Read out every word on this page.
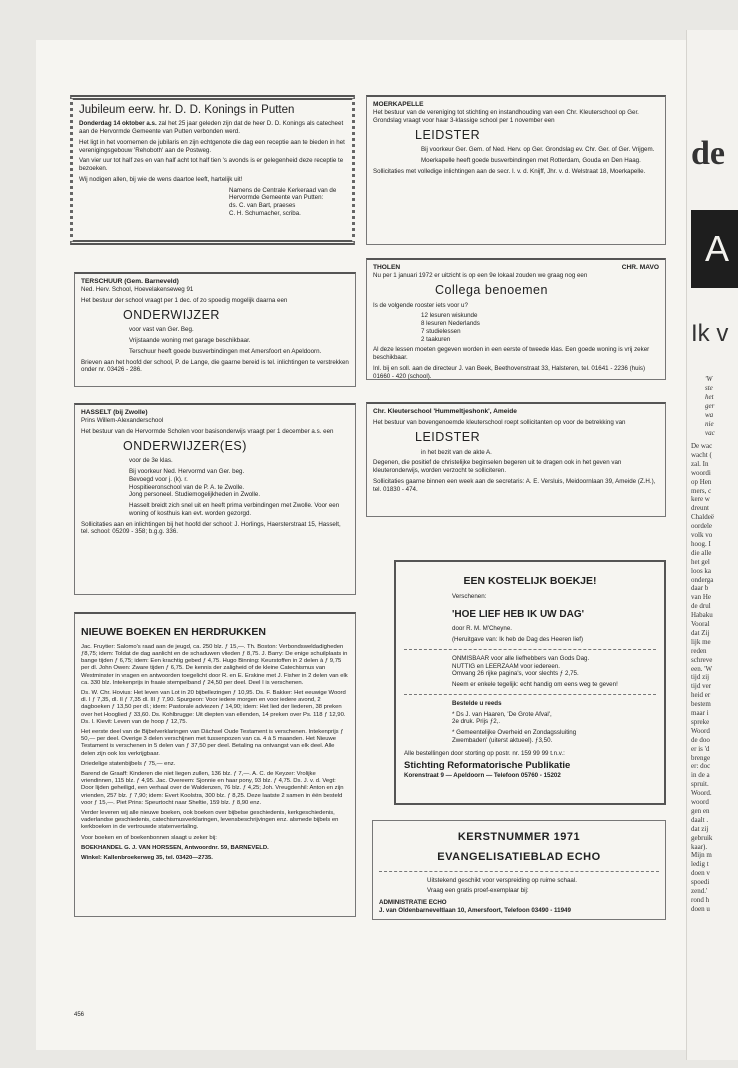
Jubileum eerw. hr. D. D. Konings in Putten

Donderdag 14 oktober a.s. zal het 25 jaar geleden zijn dat de heer D. D. Konings als catecheet aan de Hervormde Gemeente van Putten verbonden werd.

Het ligt in het voornemen de jubilaris en zijn echtgenote die dag een receptie aan te bieden in het verenigingsgebouw 'Rehoboth' aan de Postweg.

Van vier uur tot half zes en van half acht tot half tien 's avonds is er gelegenheid deze receptie te bezoeken.

Wij nodigen allen, bij wie de wens daartoe leeft, hartelijk uit!

Namens de Centrale Kerkeraad van de
Hervormde Gemeente van Putten:
ds. C. van Bart, praeses
C. H. Schumacher, scriba.
TERSCHUUR (Gem. Barneveld)

Ned. Herv. School, Hoevelakenseweg 91

Het bestuur der school vraagt per 1 dec. of zo spoedig mogelijk daarna een

ONDERWIJZER

voor vast van Ger. Beg.

Vrijstaande woning met garage beschikbaar.

Terschuur heeft goede busverbindingen met Amersfoort en Apeldoorn.

Brieven aan het hoofd der school, P. de Lange, die gaarne bereid is tel. inlichtingen te verstrekken onder nr. 03426 - 286.

HASSELT (bij Zwolle)

Prins Willem-Alexanderschool

Het bestuur van de Hervormde Scholen voor basisonderwijs vraagt per 1 december a.s. een

ONDERWIJZER(ES)

voor de 3e klas.

Bij voorkeur Ned. Hervormd van Ger. beg.
Bevoegd voor j. (k). r.
Hospitieeronschool van de P. A. te Zwolle.

Jong personeel. Studiemogelijkheden in Zwolle.

Hasselt breidt zich snel uit en heeft prima verbindingen met Zwolle. Voor een woning of kosthuis kan evt. worden gezorgd.

Sollicitaties aan en inlichtingen bij het hoofd der school: J. Horlings, Haersterstraat 15, Hasselt, tel. school: 05209 - 358; b.g.g. 336.

NIEUWE BOEKEN EN HERDRUKKEN

Jac. Fruytier: Salomo's raad aan de jeugd, ca. 250 blz. ƒ 15,—. Th. Boston: Verbondsweldadigheden ƒ8,75; idem: Toldat de dag aanlicht en de schaduwen vlieden ƒ 8,75. J. Barry: De enige schuilplaats in bange tijden ƒ 6,75; idem: Een krachtig gebed ƒ 4,75. Hugo Binning: Keurstoffen in 2 delen à ƒ 9,75 per dl. John Owen: Zware tijden ƒ 6,75. De kennis der zaligheid of de kleine Catechismus van Westminster in vragen en antwoorden toegelicht door R. en E. Erskine met J. Fisher in 2 delen van elk ca. 330 blz. Intekenprijs in fraaie stempelband ƒ 24,50 per deel. Deel I is verschenen.

Ds. W. Chr. Hovius: Het leven van Lot in 20 bijbellezingen ƒ 10,95. Ds. F. Bakker: Het eeuwige Woord dl. I ƒ 7,35, dl. II ƒ 7,35 dl. III ƒ 7,90. Spurgeon: Voor iedere morgen en voor iedere avond, 2 dagboeken ƒ 13,50 per dl.; idem: Pastorale adviezen ƒ 14,90; idem: Het lied der liederen, 38 preken over het Hooglied ƒ 33,60. Ds. Kohlbrugge: Uit diepten van ellenden, 14 preken over Ps. 118 ƒ 12,90. Ds. I. Kievit: Leven van de hoop ƒ 12,75.

Het eerste deel van de Bijbelverklaringen van Dächsel Oude Testament is verschenen. Intekenprijs ƒ 50,— per deel. Overige 3 delen verschijnen met tussenpozen van ca. 4 à 5 maanden. Het Nieuwe Testament is verschenen in 5 delen van ƒ 37,50 per deel. Betaling na ontvangst van elk deel. Alle delen zijn ook los verkrijgbaar.

Driedelige statenbijbels ƒ 75,— enz.

Barend de Graaff: Kinderen die niet liegen zullen, 136 blz. ƒ 7,—. A. C. de Keyzer: Vrolijke vriendinnen, 115 blz. ƒ 4,95. Jac. Overeem: Sjonnie en haar pony, 93 blz. ƒ 4,75. Ds. J. v. d. Vegt: Door lijden geheiligd, een verhaal over de Waldenzen, 76 blz. ƒ 4,25; Joh. Vreugdenhil: Anton en zijn vrienden, 257 blz. ƒ 7,90; idem: Evert Koolstra, 300 blz. ƒ 8,25. Deze laatste 2 samen in één besteld voor ƒ 15,—. Piet Prins: Speurtocht naar Sheltie, 159 blz. ƒ 8,90 enz.

Verder leveren wij alle nieuwe boeken, ook boeken over bijbelse geschiedenis, kerkgeschiedenis, vaderlandse geschiedenis, catechismusverklaringen, levensbeschrijvingen enz. alsmede bijbels en kerkboeken in de vertrouwde statenvertaling.

Voor boeken en of boekenbonnen slaagt u zeker bij:

BOEKHANDEL G. J. VAN HORSSEN, Antwoordnr. 59, BARNEVELD.

Winkel: Kallenbroekerweg 35, tel. 03420—2735.

MOERKAPELLE

Het bestuur van de vereniging tot stichting en instandhouding van een Chr. Kleuterschool op Ger. Grondslag vraagt voor haar 3-klassige school per 1 november een

LEIDSTER

Bij voorkeur Ger. Gem. of Ned. Herv. op Ger. Grondslag ev. Chr. Ger. of Ger. Vrijgem.

Moerkapelle heeft goede busverbindingen met Rotterdam, Gouda en Den Haag.

Sollicitaties met volledige inlichtingen aan de secr. I. v. d. Knijff, Jhr. v. d. Welstraat 18, Moerkapelle.

THOLEN	CHR. MAVO

Nu per 1 januari 1972 er uitzicht is op een 9e lokaal zouden we graag nog een

Collega benoemen

Is de volgende rooster iets voor u?

12 lesuren wiskunde
8 lesuren Nederlands
7 studielessen

2 taakuren

Al deze lessen moeten gegeven worden in een eerste of tweede klas. Een goede woning is vrij zeker beschikbaar.

Inl. bij en soll. aan de directeur J. van Beek, Beethovenstraat 33, Halsteren, tel. 01641 - 2236 (huis) 01660 - 420 (school).

Chr. Kleuterschool 'Hummeltjeshonk', Ameide

Het bestuur van bovengenoemde kleuterschool roept sollicitanten op voor de betrekking van

LEIDSTER

in het bezit van de akte A.

Degenen, die positief de christelijke beginselen begeren uit te dragen ook in het geven van kleuteronderwijs, worden verzocht te solliciteren.

Sollicitaties gaarne binnen een week aan de secretaris: A. E. Versluis, Meidoornlaan 39, Ameide (Z.H.), tel. 01830 - 474.

EEN KOSTELIJK BOEKJE!

Verschenen:

'HOE LIEF HEB IK UW DAG'

door R. M. M'Cheyne.

(Heruitgave van: Ik heb de Dag des Heeren lief)

ONMISBAAR voor alle liefhebbers van Gods Dag.
NUTTIG en LEERZAAM voor iedereen.

Omvang 26 rijke pagina's, voor slechts ƒ 2,75.

Neem er enkele tegelijk: echt handig om eens weg te geven!

Bestelde u reeds

* Ds J. van Haaren, 'De Grote Afval',

2e druk. Prijs ƒ2,.

* Gemeentelijke Overheid en Zondagssluiting

Zwembaden' (uiterst aktueel). ƒ3,50.

Alle bestellingen door storting op postr. nr. 159 99 99 t.n.v.:

Stichting Reformatorische Publikatie
Korenstraat 9 — Apeldoorn — Telefoon 05760 - 15202
KERSTNUMMER 1971
EVANGELISATIEBLAD ECHO

Uitstekend geschikt voor verspreiding op ruime schaal.

Vraag een gratis proef-exemplaar bij:

ADMINISTRATIE ECHO
J. van Oldenbarneveltlaan 10, Amersfoort, Telefoon 03490 - 11949
456
de
A
Ik v
'W
ste
het
ger
wa
nie
vac
De wac
wacht (
zal. In
woordi
op Hen
mers, c
kere w
dreunt
Chaldeë
oordele
volk vo
hoog. I
die alle
het gel
loos ka
onderga
daar b
van He
de drul
Habaku
Vooral
dat Zij
lijk me
reden
schreve
een. 'W
tijd zij
tijd ver
heid er
bestem
maar i
spreke
Woord
de doo
er is 'd
brenge
er: doc
in de a
spruit.
Woord.
woord
gen en
daalt .
dat zij
gebruik
kaar).
Mijn m
ledig t
doen v
spoedi
zend.'
rond h
doen u
